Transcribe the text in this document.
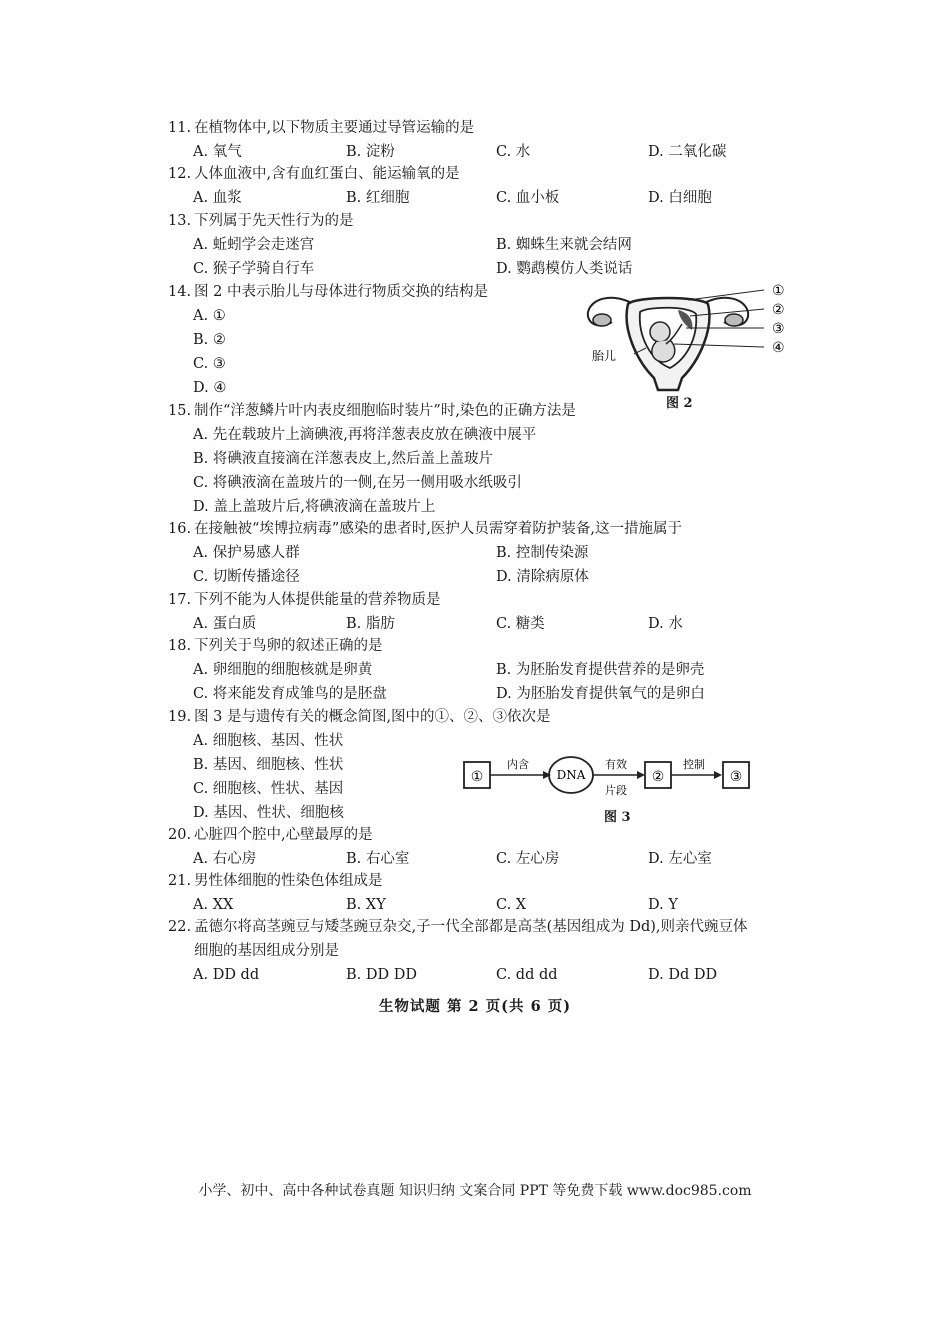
11. 在植物体中,以下物质主要通过导管运输的是
A. 氧气	B. 淀粉	C. 水	D. 二氧化碳
12. 人体血液中,含有血红蛋白、能运输氧的是
A. 血浆	B. 红细胞	C. 血小板	D. 白细胞
13. 下列属于先天性行为的是
A. 蚯蚓学会走迷宫	B. 蜘蛛生来就会结网
C. 猴子学骑自行车	D. 鹦鹉模仿人类说话
14. 图 2 中表示胎儿与母体进行物质交换的结构是
A. ①
B. ②
C. ③
D. ④
①
②
③
④
胎儿
图 2
15. 制作“洋葱鳞片叶内表皮细胞临时装片”时,染色的正确方法是
A. 先在载玻片上滴碘液,再将洋葱表皮放在碘液中展平
B. 将碘液直接滴在洋葱表皮上,然后盖上盖玻片
C. 将碘液滴在盖玻片的一侧,在另一侧用吸水纸吸引
D. 盖上盖玻片后,将碘液滴在盖玻片上
16. 在接触被“埃博拉病毒”感染的患者时,医护人员需穿着防护装备,这一措施属于
A. 保护易感人群	B. 控制传染源
C. 切断传播途径	D. 清除病原体
17. 下列不能为人体提供能量的营养物质是
A. 蛋白质	B. 脂肪	C. 糖类	D. 水
18. 下列关于鸟卵的叙述正确的是
A. 卵细胞的细胞核就是卵黄	B. 为胚胎发育提供营养的是卵壳
C. 将来能发育成雏鸟的是胚盘	D. 为胚胎发育提供氧气的是卵白
19. 图 3 是与遗传有关的概念简图,图中的①、②、③依次是
A. 细胞核、基因、性状
B. 基因、细胞核、性状
C. 细胞核、性状、基因
D. 基因、性状、细胞核
①
内含
DNA
有效
片段
②
控制
③
图 3
20. 心脏四个腔中,心壁最厚的是
A. 右心房	B. 右心室	C. 左心房	D. 左心室
21. 男性体细胞的性染色体组成是
A. XX	B. XY	C. X	D. Y
22. 孟德尔将高茎豌豆与矮茎豌豆杂交,子一代全部都是高茎(基因组成为 Dd),则亲代豌豆体
细胞的基因组成分别是
A. DD dd	B. DD DD	C. dd dd	D. Dd DD
生物试题 第 2 页(共 6 页)
小学、初中、高中各种试卷真题 知识归纳 文案合同 PPT 等免费下载 www.doc985.com
